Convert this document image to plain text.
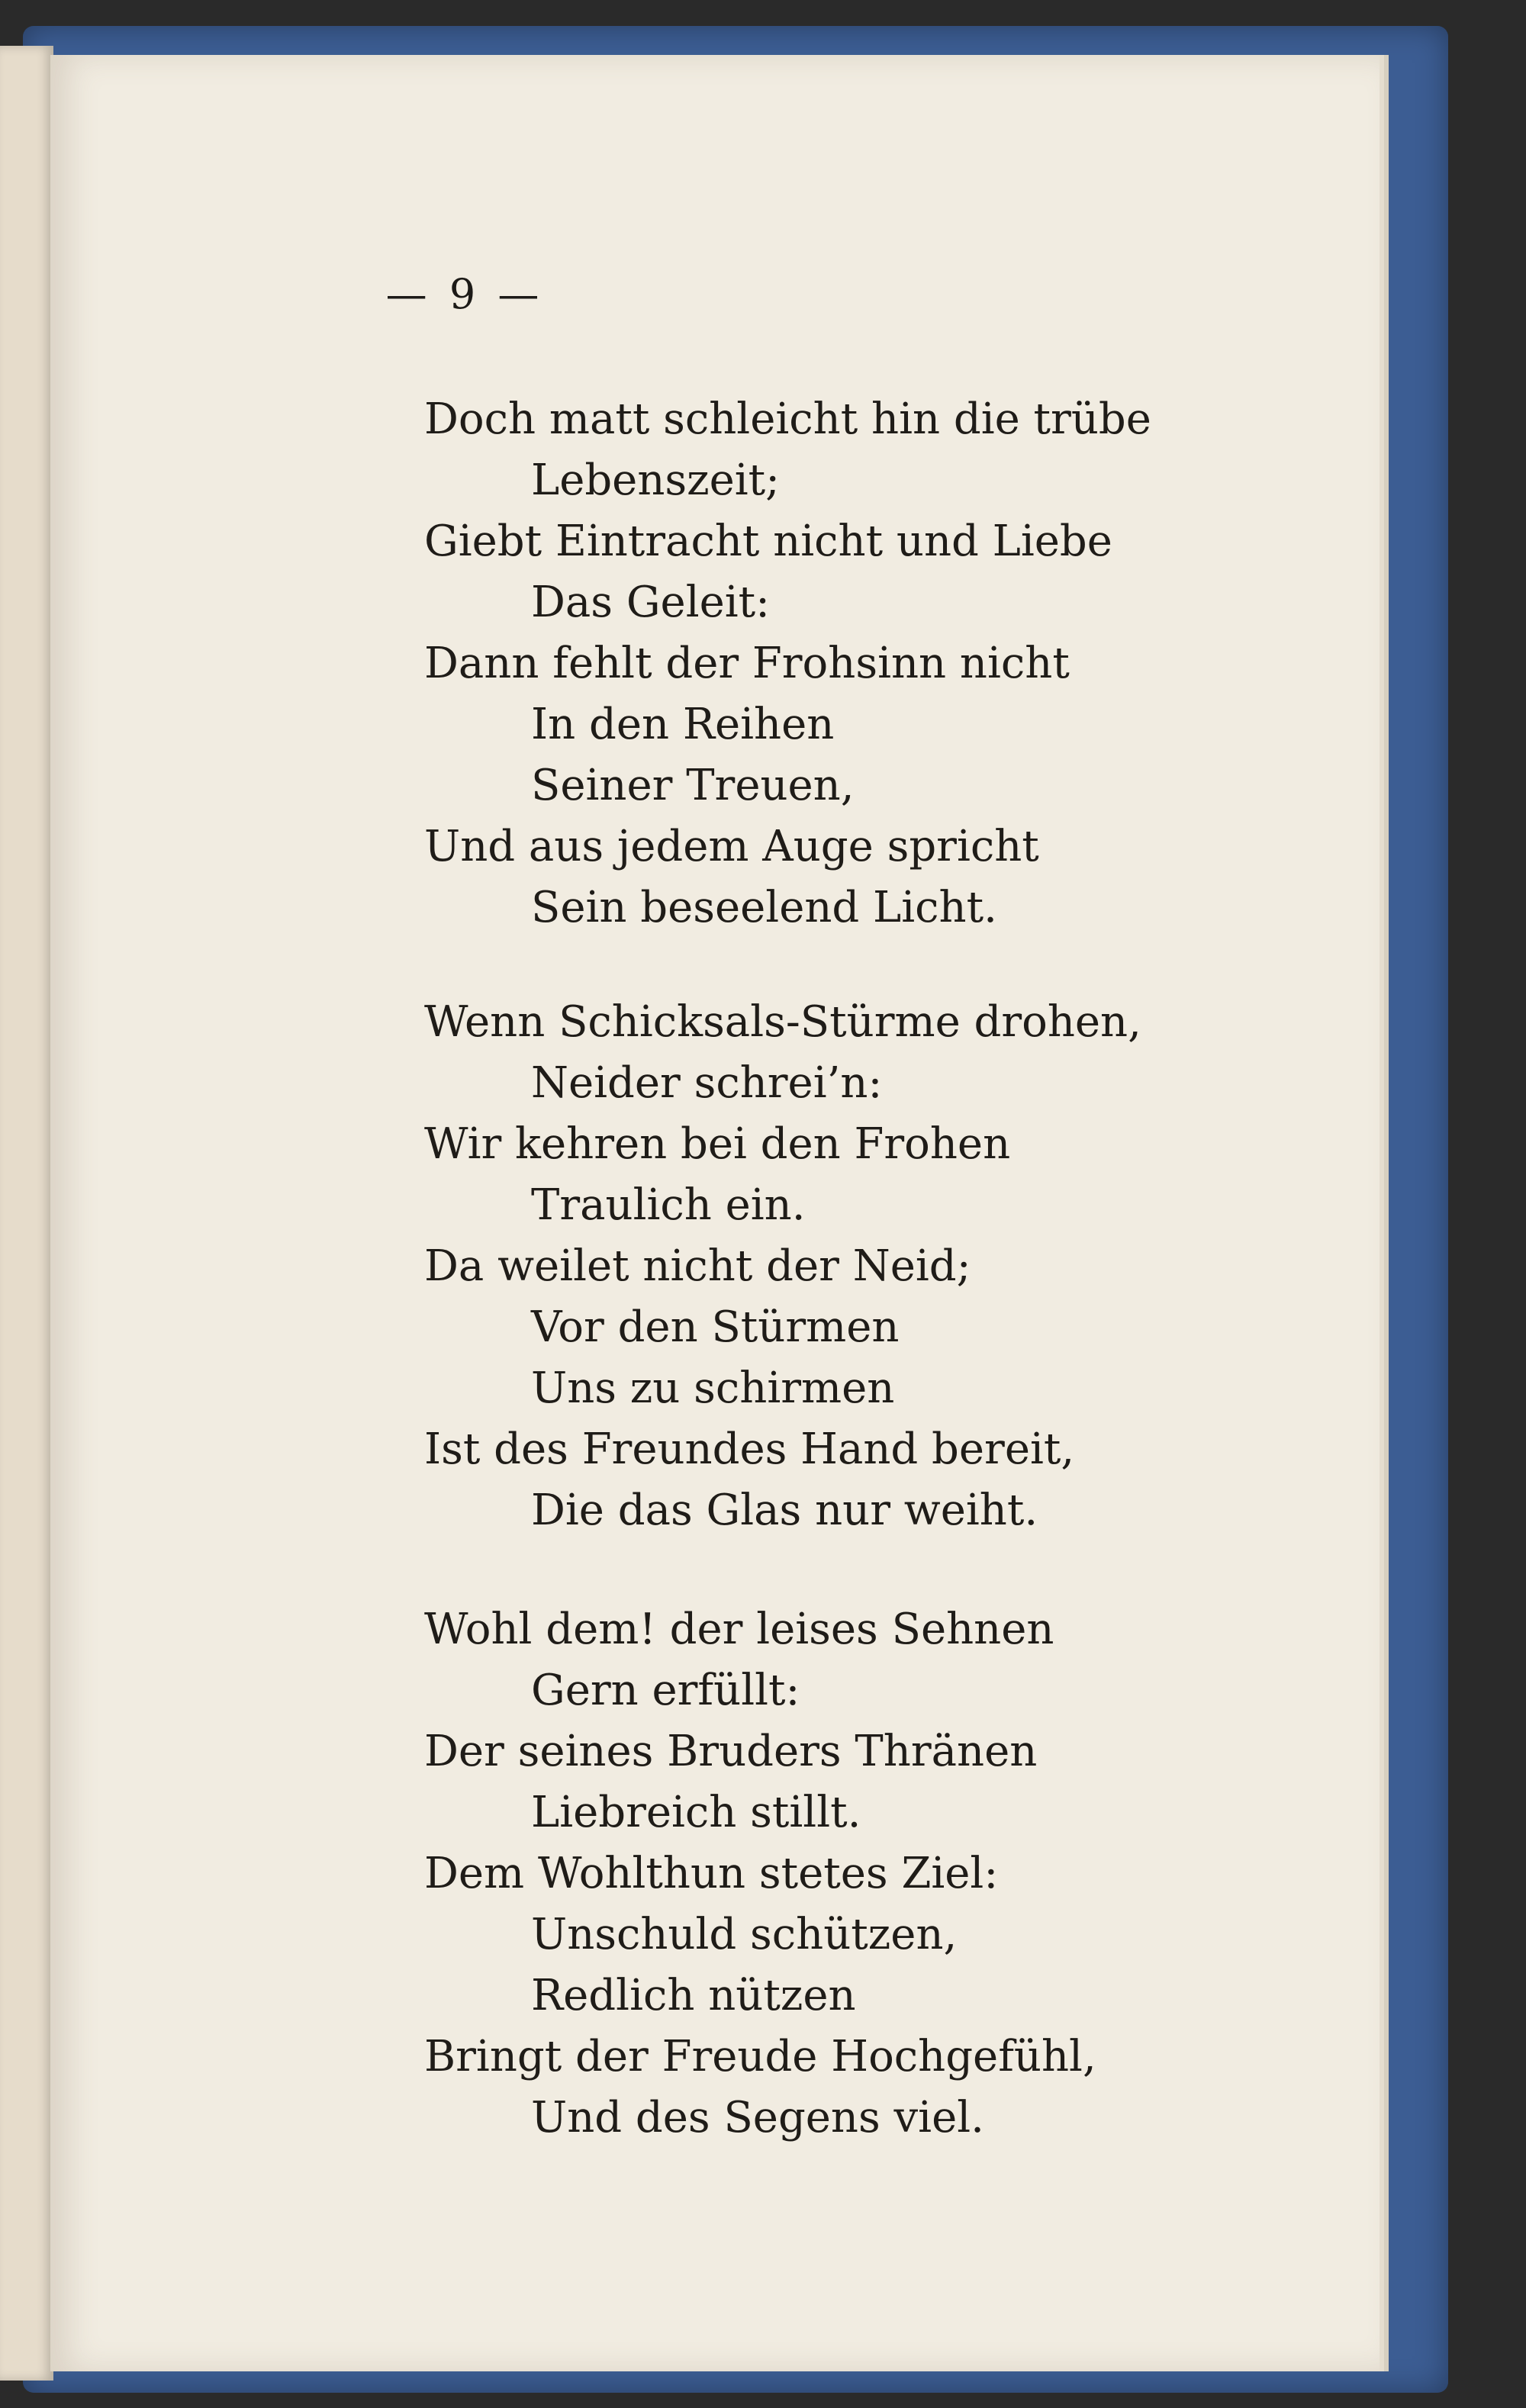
— 9 —
Doch matt schleicht hin die trübe
Lebenszeit;
Giebt Eintracht nicht und Liebe
Das Geleit:
Dann fehlt der Frohsinn nicht
In den Reihen
Seiner Treuen,
Und aus jedem Auge spricht
Sein beseelend Licht.
Wenn Schicksals-Stürme drohen,
Neider schrei’n:
Wir kehren bei den Frohen
Traulich ein.
Da weilet nicht der Neid;
Vor den Stürmen
Uns zu schirmen
Ist des Freundes Hand bereit,
Die das Glas nur weiht.
Wohl dem! der leises Sehnen
Gern erfüllt:
Der seines Bruders Thränen
Liebreich stillt.
Dem Wohlthun stetes Ziel:
Unschuld schützen,
Redlich nützen
Bringt der Freude Hochgefühl,
Und des Segens viel.
